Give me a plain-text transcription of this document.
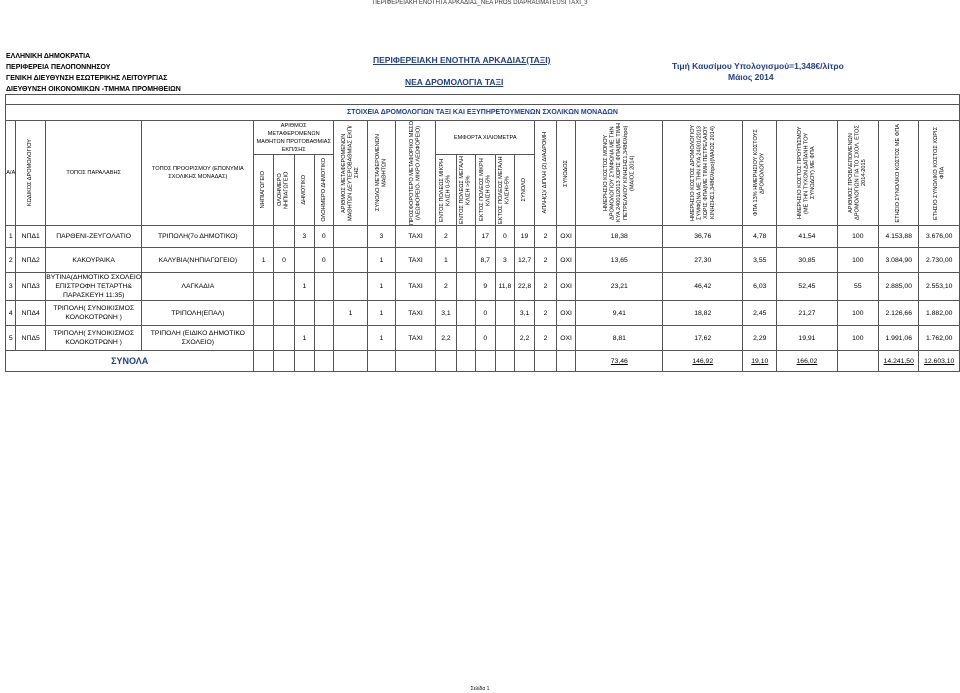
ΠΕΡΙΦΕΡΕΙΑΚΗ ΕΝΟΤΗΤΑ ΑΡΚΑΔΙΑΣ_ΝΕΑ PROS DIAPRAGMATEUSI TAXI_3
ΕΛΛΗΝΙΚΗ ΔΗΜΟΚΡΑΤΙΑ
ΠΕΡΙΦΕΡΕΙΑ ΠΕΛΟΠΟΝΝΗΣΟΥ
ΓΕΝΙΚΗ ΔΙΕΥΘΥΝΣΗ ΕΣΩΤΕΡΙΚΗΣ ΛΕΙΤΟΥΡΓΙΑΣ
ΔΙΕΥΘΥΝΣΗ ΟΙΚΟΝΟΜΙΚΩΝ -ΤΜΗΜΑ ΠΡΟΜΗΘΕΙΩΝ
ΠΕΡΙΦΕΡΕΙΑΚΗ ΕΝΟΤΗΤΑ ΑΡΚΑΔΙΑΣ(ΤΑΞΙ)
ΝΕΑ ΔΡΟΜΟΛΟΓΙΑ ΤΑΞΙ
Τιμή Καυσίμου Υπολογισμού=1,348€/λίτρο
Μάιος 2014

ΣΤΟΙΧΕΙΑ ΔΡΟΜΟΛΟΓΙΩΝ ΤΑΞΙ ΚΑΙ ΕΞΥΠΗΡΕΤΟΥΜΕΝΩΝ ΣΧΟΛΙΚΩΝ ΜΟΝΑΔΩΝ																								
Α/Α	ΚΩΔΙΚΟΣ ΔΡΟΜΟΛΟΓΙΟΥ	ΤΟΠΟΣ ΠΑΡΑΛΑΒΗΣ	ΤΟΠΟΣ ΠΡΟΟΡΙΣΜΟΥ (ΕΠΩΝΥΜΙΑ ΣΧΟΛΙΚΗΣ ΜΟΝΑΔΑΣ)	ΑΡΙΘΜΟΣ ΜΕΤΑΦΕΡΟΜΕΝΩΝ ΜΑΘΗΤΩΝ ΠΡΩΤΟΒΑΘΜΙΑΣ ΕΚΠ/ΣΗΣ				ΑΡΙΘΜΟΣ ΜΕΤΑΦΕΡΟΜΕΝΩΝ ΜΑΘΗΤΩΝ ΔΕΥΤΕΡΟΒΑΘΜΙΑΣ ΕΚΠ/ΣΗΣ	ΣΥΝΟΛΟ ΜΕΤΑΦΕΡΟΜΕΝΩΝ ΜΑΘΗΤΩΝ	ΠΡΟΣΦΟΡΟΤΕΡΟ ΜΕΤΑΦΟΡΙΚΟ ΜΕΣΟ (ΛΕΩΦΟΡΕΙΟ- ΜΙΚΡΟ ΛΕΩΦΟΡΕΙΟ)	ΕΜΦΟΡΤΑ ΧΙΛΙΟΜΕΤΡΑ					ΑΠΛΗ(1)/ ΔΙΠΛΗ (2) ΔΙΑΔΡΟΜΗ	ΣΥΝΟΔΟΣ	ΗΜΕΡΗΣΙΟ ΚΟΣΤΟΣ ΜΟΝΟΥ ΔΡΟΜΟΛΟΓΙΟΥ ΣΥΜΦΩΝΑ ΜΕ ΤΗΝ ΚΥΑ 24001/2013 ΧΩΡΙΣ ΦΠΑ(ΜΕ ΤΙΜΗ ΠΕΤΡΕΛΑΙΟΥ ΚΙΝΗΣΗΣ1,348€/λίτρο)(ΜΑΙΟΣ 2014)	ΗΜΕΡΗΣΙΟ ΚΟΣΤΟΣ ΔΡΟΜΟΛΟΓΙΟΥ ΣΥΜΦΩΝΑ ΜΕ ΤΗΝ ΚΥΑ 24001/2013 ΧΩΡΙΣ ΦΠΑ(ΜΕ ΤΙΜΗ ΠΕΤΡΕΛΑΙΟΥ ΚΙΝΗΣΗΣ1,348€/λίτρο)(ΜΑΙΟΣ 2014)	ΦΠΑ 13% ΗΜΕΡΗΣΙΟΥ ΚΟΣΤΟΥΣ ΔΡΟΜΟΛΟΓΙΟΥ	ΗΜΕΡΗΣΙΟ ΚΟΣΤΟΣ ΠΡΟΫΠ/ΣΜΟΥ (ΜΕ ΤΗΝ ΤΥΧΟΝ ΔΑΠΑΝΗ ΤΟΥ ΣΥΝΟΔΟΥ) ΜΕ ΦΠΑ	ΑΡΙΘΜΟΣ ΠΡΟΒΛΕΠΟΜΕΝΩΝ ΔΡΟΜΟΛΟΓΙΩΝ ΓΙΑ ΤΟ ΣΧΟΛ. ΕΤΟΣ 2014-2015	ΕΤΗΣΙΟ ΣΥΝΟΛΙΚΟ ΚΟΣΤΟΣ ΜΕ ΦΠΑ	ΕΤΗΣΙΟ ΣΥΝΟΛΙΚΟ ΚΟΣΤΟΣ ΧΩΡΙΣ ΦΠΑ

				ΝΗΠΙΑΓΩΓΕΙΟ	ΟΛΟΗΜΕΡΟ ΝΗΠΙΑΓΩΓΕΙΟ	ΔΗΜΟΤΙΚΟ	ΟΛΟΗΜΕΡΟ ΔΗΜΟΤΙΚΟ				ΕΝΤΟΣ ΠΟΛΕΩΣ ΜΙΚΡΗ ΚΛΙΣΗ 0-5%	ΕΝΤΟΣ ΠΟΛΕΩΣ ΜΕΓΑΛΗ ΚΛΙΣΗ >5%	ΕΚΤΟΣ ΠΟΛΕΩΣ ΜΙΚΡΗ ΚΛΙΣΗ 0-5%	ΕΚΤΟΣ ΠΟΛΕΩΣ ΜΕΓΑΛΗ ΚΛΙΣΗ>5%	ΣΥΝΟΛΟ									

1	ΝΠΔ1	ΠΑΡΘΕΝΙ-ΖΕΥΓΟΛΑΤΙΟ	ΤΡΙΠΟΛΗ(7ο ΔΗΜΟΤΙΚΟ)			3	0		3	ΤΑΧΙ	2		17	0	19	2	ΟΧΙ	18,38	36,76	4,78	41,54	100	4.153,88	3.676,00
2	ΝΠΔ2	ΚΑΚΟΥΡΑΙΚΑ	ΚΑΛΥΒΙΑ(ΝΗΠΙΑΓΩΓΕΙΟ)	1	0		0		1	ΤΑΧΙ	1		8,7	3	12,7	2	ΟΧΙ	13,65	27,30	3,55	30,85	100	3.084,90	2.730,00
3	ΝΠΔ3	ΒΥΤΙΝΑ(ΔΗΜΟΤΙΚΟ ΣΧΟΛΕΙΟ ΕΠΙΣΤΡΟΦΗ ΤΕΤΑΡΤΗ& ΠΑΡΑΣΚΕΥΗ 11:35)	ΛΑΓΚΑΔΙΑ			1			1	ΤΑΧΙ	2		9	11,8	22,8	2	ΟΧΙ	23,21	46,42	6,03	52,45	55	2.885,00	2.553,10
4	ΝΠΔ4	ΤΡΙΠΟΛΗ( ΣΥΝΟΙΚΙΣΜΟΣ ΚΟΛΟΚΟΤΡΩΝΗ )	ΤΡΙΠΟΛΗ(ΕΠΑΛ)					1	1	ΤΑΧΙ	3,1		0		3,1	2	ΟΧΙ	9,41	18,82	2,45	21,27	100	2.126,66	1.882,00
5	ΝΠΔ5	ΤΡΙΠΟΛΗ( ΣΥΝΟΙΚΙΣΜΟΣ ΚΟΛΟΚΟΤΡΩΝΗ )	ΤΡΙΠΟΛΗ (ΕΙΔΙΚΟ ΔΗΜΟΤΙΚΟ ΣΧΟΛΕΙΟ)			1			1	ΤΑΧΙ	2,2		0		2,2	2	ΟΧΙ	8,81	17,62	2,29	19,91	100	1.991,06	1.762,00
ΣΥΝΟΛΑ																		73,46	146,92	19,10	166,02		14.241,50	12.603,10
Σελίδα 1
